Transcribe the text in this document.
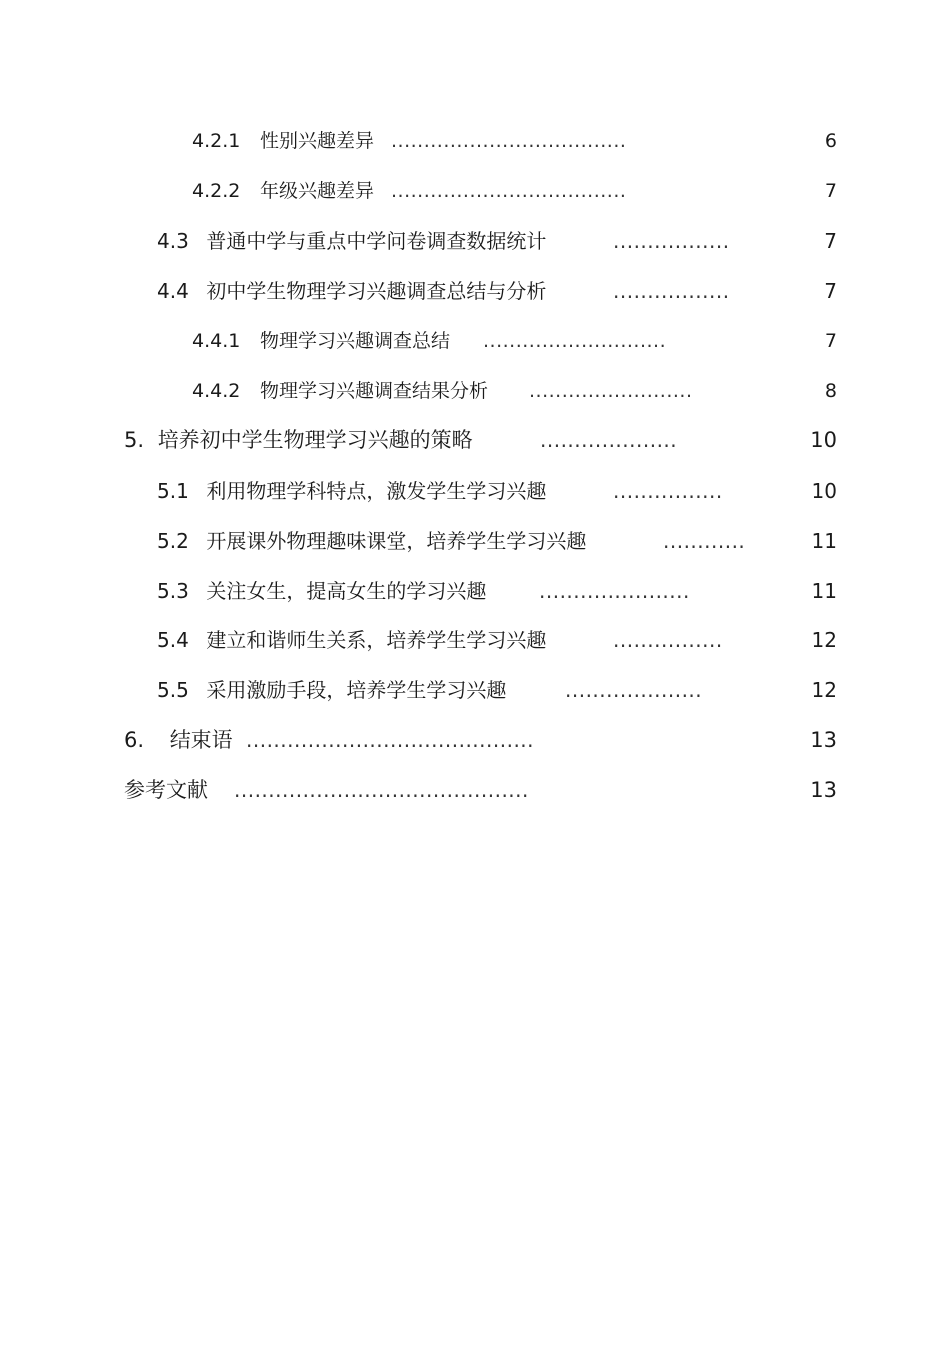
4.2.1 性别兴趣差异 ....................................	6
4.2.2 年级兴趣差异 ....................................	7
4.3 普通中学与重点中学问卷调查数据统计	.................	7
4.4 初中学生物理学习兴趣调查总结与分析	.................	7
4.4.1 物理学习兴趣调查总结 ............................	7
4.4.2 物理学习兴趣调查结果分析 .........................	8
5. 培养初中学生物理学习兴趣的策略	....................	10
5.1 利用物理学科特点，激发学生学习兴趣	................	10
5.2 开展课外物理趣味课堂，培养学生学习兴趣	............	11
5.3 关注女生，提高女生的学习兴趣	......................	11
5.4 建立和谐师生关系，培养学生学习兴趣	................	12
5.5 采用激励手段，培养学生学习兴趣	....................	12
6. 结束语 ..........................................	13
参考文献 ...........................................	13
